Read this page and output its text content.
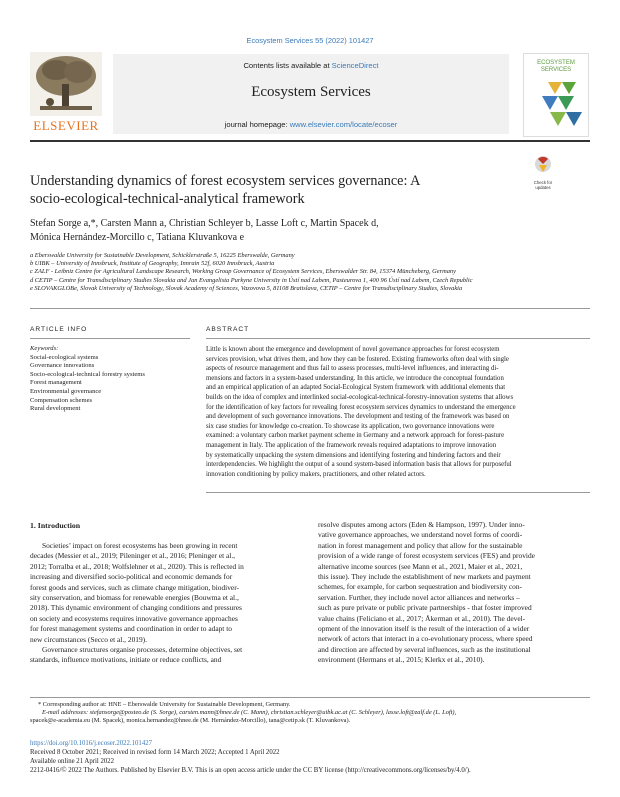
Ecosystem Services 55 (2022) 101427
ELSEVIER
Contents lists available at ScienceDirect
Ecosystem Services
journal homepage: www.elsevier.com/locate/ecoser
ECOSYSTEM
SERVICES
Check for
updates
Understanding dynamics of forest ecosystem services governance: A
socio-ecological-technical-analytical framework
Stefan Sorge a,*, Carsten Mann a, Christian Schleyer b, Lasse Loft c, Martin Spacek d,
Mónica Hernández-Morcillo c, Tatiana Kluvankova e
a Eberswalde University for Sustainable Development, Schicklerstraße 5, 16225 Eberswalde, Germany
b UIBK – University of Innsbruck, Institute of Geography, Innrain 52f, 6020 Innsbruck, Austria
c ZALF - Leibniz Centre for Agricultural Landscape Research, Working Group Governance of Ecosystem Services, Eberswalder Str. 84, 15374 Müncheberg, Germany
d CETIP – Centre for Transdisciplinary Studies Slovakia and Jan Evangelista Purkyne University in Ústí nad Labem, Pasteurova 1, 400 96 Ústí nad Labem, Czech Republic
e SLOVAKGLOBe, Slovak University of Technology, Slovak Academy of Sciences, Vazovova 5, 81108 Bratislava, CETIP – Centre for Transdisciplinary Studies, Slovakia
ARTICLE INFO
Keywords:
Social-ecological systems
Governance innovations
Socio-ecological-technical forestry systems
Forest management
Environmental governance
Compensation schemes
Rural development
ABSTRACT
Little is known about the emergence and development of novel governance approaches for forest ecosystem
services provision, what drives them, and how they can be fostered. Existing frameworks often deal with single
aspects of resource management and thus fail to assess processes, multi-level influences, and interacting di-
mensions and factors in a system-based understanding. In this article, we introduce the conceptual foundation
and an empirical application of an adapted Social-Ecological System framework with additional elements that
builds on the idea of complex and interlinked social-ecological-technical-forestry-innovation systems that allows
for the identification of key factors for revealing forest ecosystem services dynamics to understand the emergence
and development of such governance innovations. The development and testing of the framework was based on
six case studies for knowledge co-creation. To showcase its application, two governance innovations were
examined: a voluntary carbon market payment scheme in Germany and a network approach for forest-pasture
management in Italy. The application of the framework reveals required adaptations to improve innovation
by systematically unpacking the system dimensions and identifying fostering and hindering factors and their
interdependencies. We highlight the output of a sound system-based information basis that allows for purposeful
innovation conditioning by policy makers, practitioners, and other related actors.
1. Introduction
Societies’ impact on forest ecosystems has been growing in recent
decades (Messier et al., 2019; Pileninger et al., 2016; Pleninger et al.,
2012; Torralba et al., 2018; Wolfslehner et al., 2020). This is reflected in
increasing and diversified socio-political and economic demands for
forest goods and services, such as climate change mitigation, biodiver-
sity conservation, and biomass for renewable energies (Bouwma et al.,
2018). This dynamic environment of changing conditions and pressures
on society and ecosystems requires innovative governance approaches
for forest management systems and coordination in order to adapt to
new circumstances (Secco et al., 2019).
Governance structures organise processes, determine objectives, set
standards, influence motivations, initiate or reduce conflicts, and
resolve disputes among actors (Eden & Hampson, 1997). Under inno-
vative governance approaches, we understand novel forms of coordi-
nation in forest management and policy that allow for the sustainable
provision of a wide range of forest ecosystem services (FES) and provide
alternative income sources (see Mann et al., 2021, Maier et al., 2021,
this issue). They include the establishment of new markets and payment
schemes, for example, for carbon sequestration and biodiversity con-
servation. Further, they include novel actor alliances and networks –
such as pure private or public private partnerships - that foster improved
value chains (Feliciano et al., 2017; Åkerman et al., 2010). The devel-
opment of the innovation itself is the result of the interaction of a wider
network of actors that interact in a co-evolutionary process, where speed
and direction are affected by several influences, such as the institutional
environment (Hermans et al., 2015; Klerkx et al., 2010).
* Corresponding author at: HNE – Eberswalde University for Sustainable Development, Germany.
E-mail addresses: stefansorge@posteo.de (S. Sorge), carsten.mann@hnee.de (C. Mann), christian.schleyer@uibk.ac.at (C. Schleyer), lasse.loft@zalf.de (L. Loft),
spacek@e-academia.eu (M. Spacek), monica.hernandez@hnee.de (M. Hernández-Morcillo), tana@cetip.sk (T. Kluvankova).
https://doi.org/10.1016/j.ecoser.2022.101427
Received 8 October 2021; Received in revised form 14 March 2022; Accepted 1 April 2022
Available online 21 April 2022
2212-0416/© 2022 The Authors. Published by Elsevier B.V. This is an open access article under the CC BY license (http://creativecommons.org/licenses/by/4.0/).
